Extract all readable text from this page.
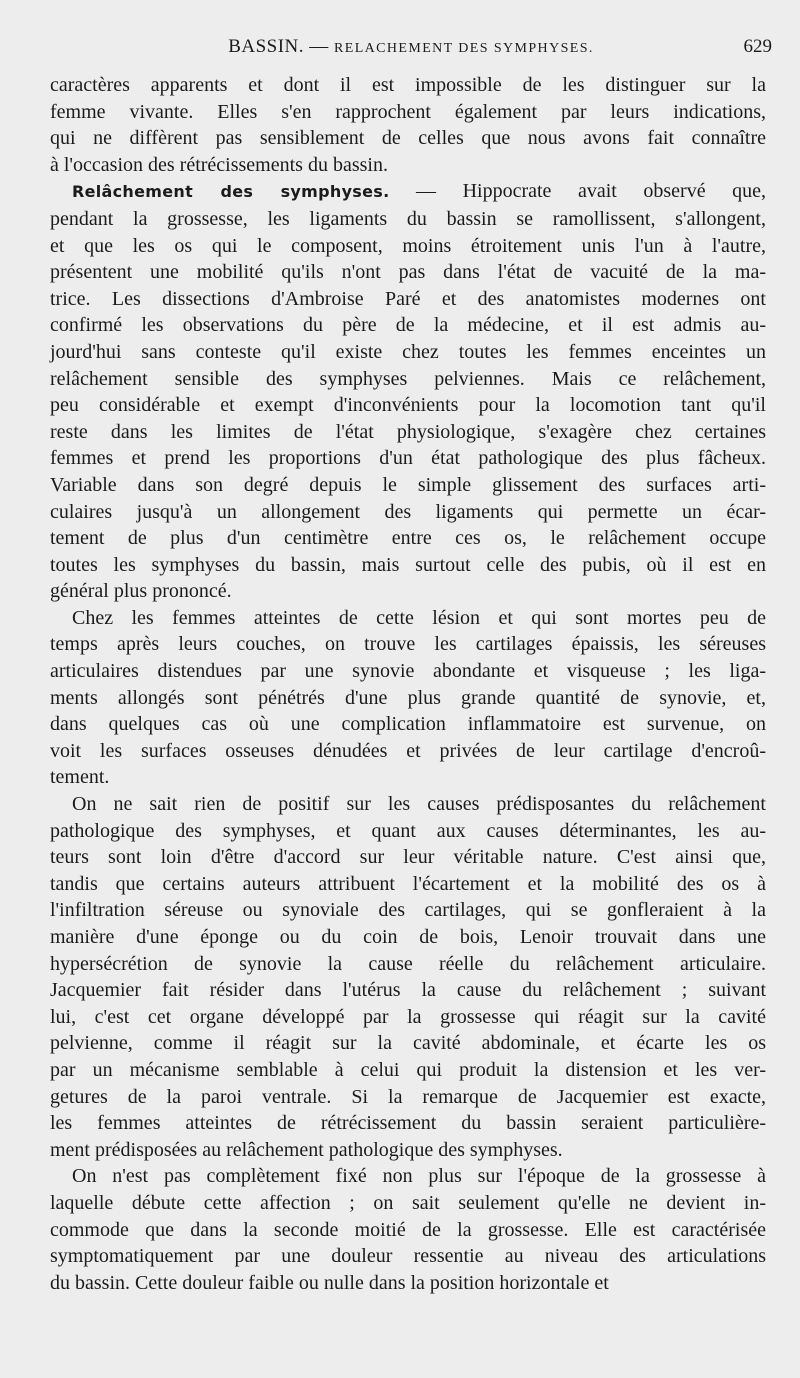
BASSIN. — RELACHEMENT DES SYMPHYSES.	629

caractères apparents et dont il est impossible de les distinguer sur la
femme vivante. Elles s'en rapprochent également par leurs indications,
qui ne diffèrent pas sensiblement de celles que nous avons fait connaître
à l'occasion des rétrécissements du bassin.

Relâchement des symphyses. — Hippocrate avait observé que,
pendant la grossesse, les ligaments du bassin se ramollissent, s'allongent,
et que les os qui le composent, moins étroitement unis l'un à l'autre,
présentent une mobilité qu'ils n'ont pas dans l'état de vacuité de la ma-
trice. Les dissections d'Ambroise Paré et des anatomistes modernes ont
confirmé les observations du père de la médecine, et il est admis au-
jourd'hui sans conteste qu'il existe chez toutes les femmes enceintes un
relâchement sensible des symphyses pelviennes. Mais ce relâchement,
peu considérable et exempt d'inconvénients pour la locomotion tant qu'il
reste dans les limites de l'état physiologique, s'exagère chez certaines
femmes et prend les proportions d'un état pathologique des plus fâcheux.
Variable dans son degré depuis le simple glissement des surfaces arti-
culaires jusqu'à un allongement des ligaments qui permette un écar-
tement de plus d'un centimètre entre ces os, le relâchement occupe
toutes les symphyses du bassin, mais surtout celle des pubis, où il est en
général plus prononcé.

Chez les femmes atteintes de cette lésion et qui sont mortes peu de
temps après leurs couches, on trouve les cartilages épaissis, les séreuses
articulaires distendues par une synovie abondante et visqueuse ; les liga-
ments allongés sont pénétrés d'une plus grande quantité de synovie, et,
dans quelques cas où une complication inflammatoire est survenue, on
voit les surfaces osseuses dénudées et privées de leur cartilage d'encroû-
tement.

On ne sait rien de positif sur les causes prédisposantes du relâchement
pathologique des symphyses, et quant aux causes déterminantes, les au-
teurs sont loin d'être d'accord sur leur véritable nature. C'est ainsi que,
tandis que certains auteurs attribuent l'écartement et la mobilité des os à
l'infiltration séreuse ou synoviale des cartilages, qui se gonfleraient à la
manière d'une éponge ou du coin de bois, Lenoir trouvait dans une
hypersécrétion de synovie la cause réelle du relâchement articulaire.
Jacquemier fait résider dans l'utérus la cause du relâchement ; suivant
lui, c'est cet organe développé par la grossesse qui réagit sur la cavité
pelvienne, comme il réagit sur la cavité abdominale, et écarte les os
par un mécanisme semblable à celui qui produit la distension et les ver-
getures de la paroi ventrale. Si la remarque de Jacquemier est exacte,
les femmes atteintes de rétrécissement du bassin seraient particulière-
ment prédisposées au relâchement pathologique des symphyses.

On n'est pas complètement fixé non plus sur l'époque de la grossesse à
laquelle débute cette affection ; on sait seulement qu'elle ne devient in-
commode que dans la seconde moitié de la grossesse. Elle est caractérisée
symptomatiquement par une douleur ressentie au niveau des articulations
du bassin. Cette douleur faible ou nulle dans la position horizontale et
